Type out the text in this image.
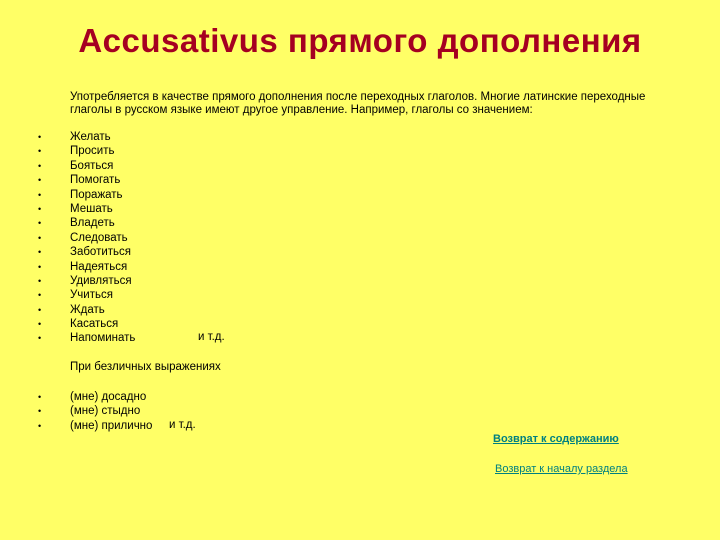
Accusativus прямого дополнения
Употребляется в качестве прямого дополнения после переходных глаголов. Многие латинские переходные глаголы в русском языке имеют другое управление. Например, глаголы со значением:
•	Желать
•	Просить
•	Бояться
•	Помогать
•	Поражать
•	Мешать
•	Владеть
•	Следовать
•	Заботиться
•	Надеяться
•	Удивляться
•	Учиться
•	Ждать
•	Касаться
•	Напоминать	и т.д.
При безличных выражениях
•	(мне) досадно
•	(мне) стыдно
•	(мне) прилично и т.д.
Возврат к содержанию
Возврат к началу раздела
